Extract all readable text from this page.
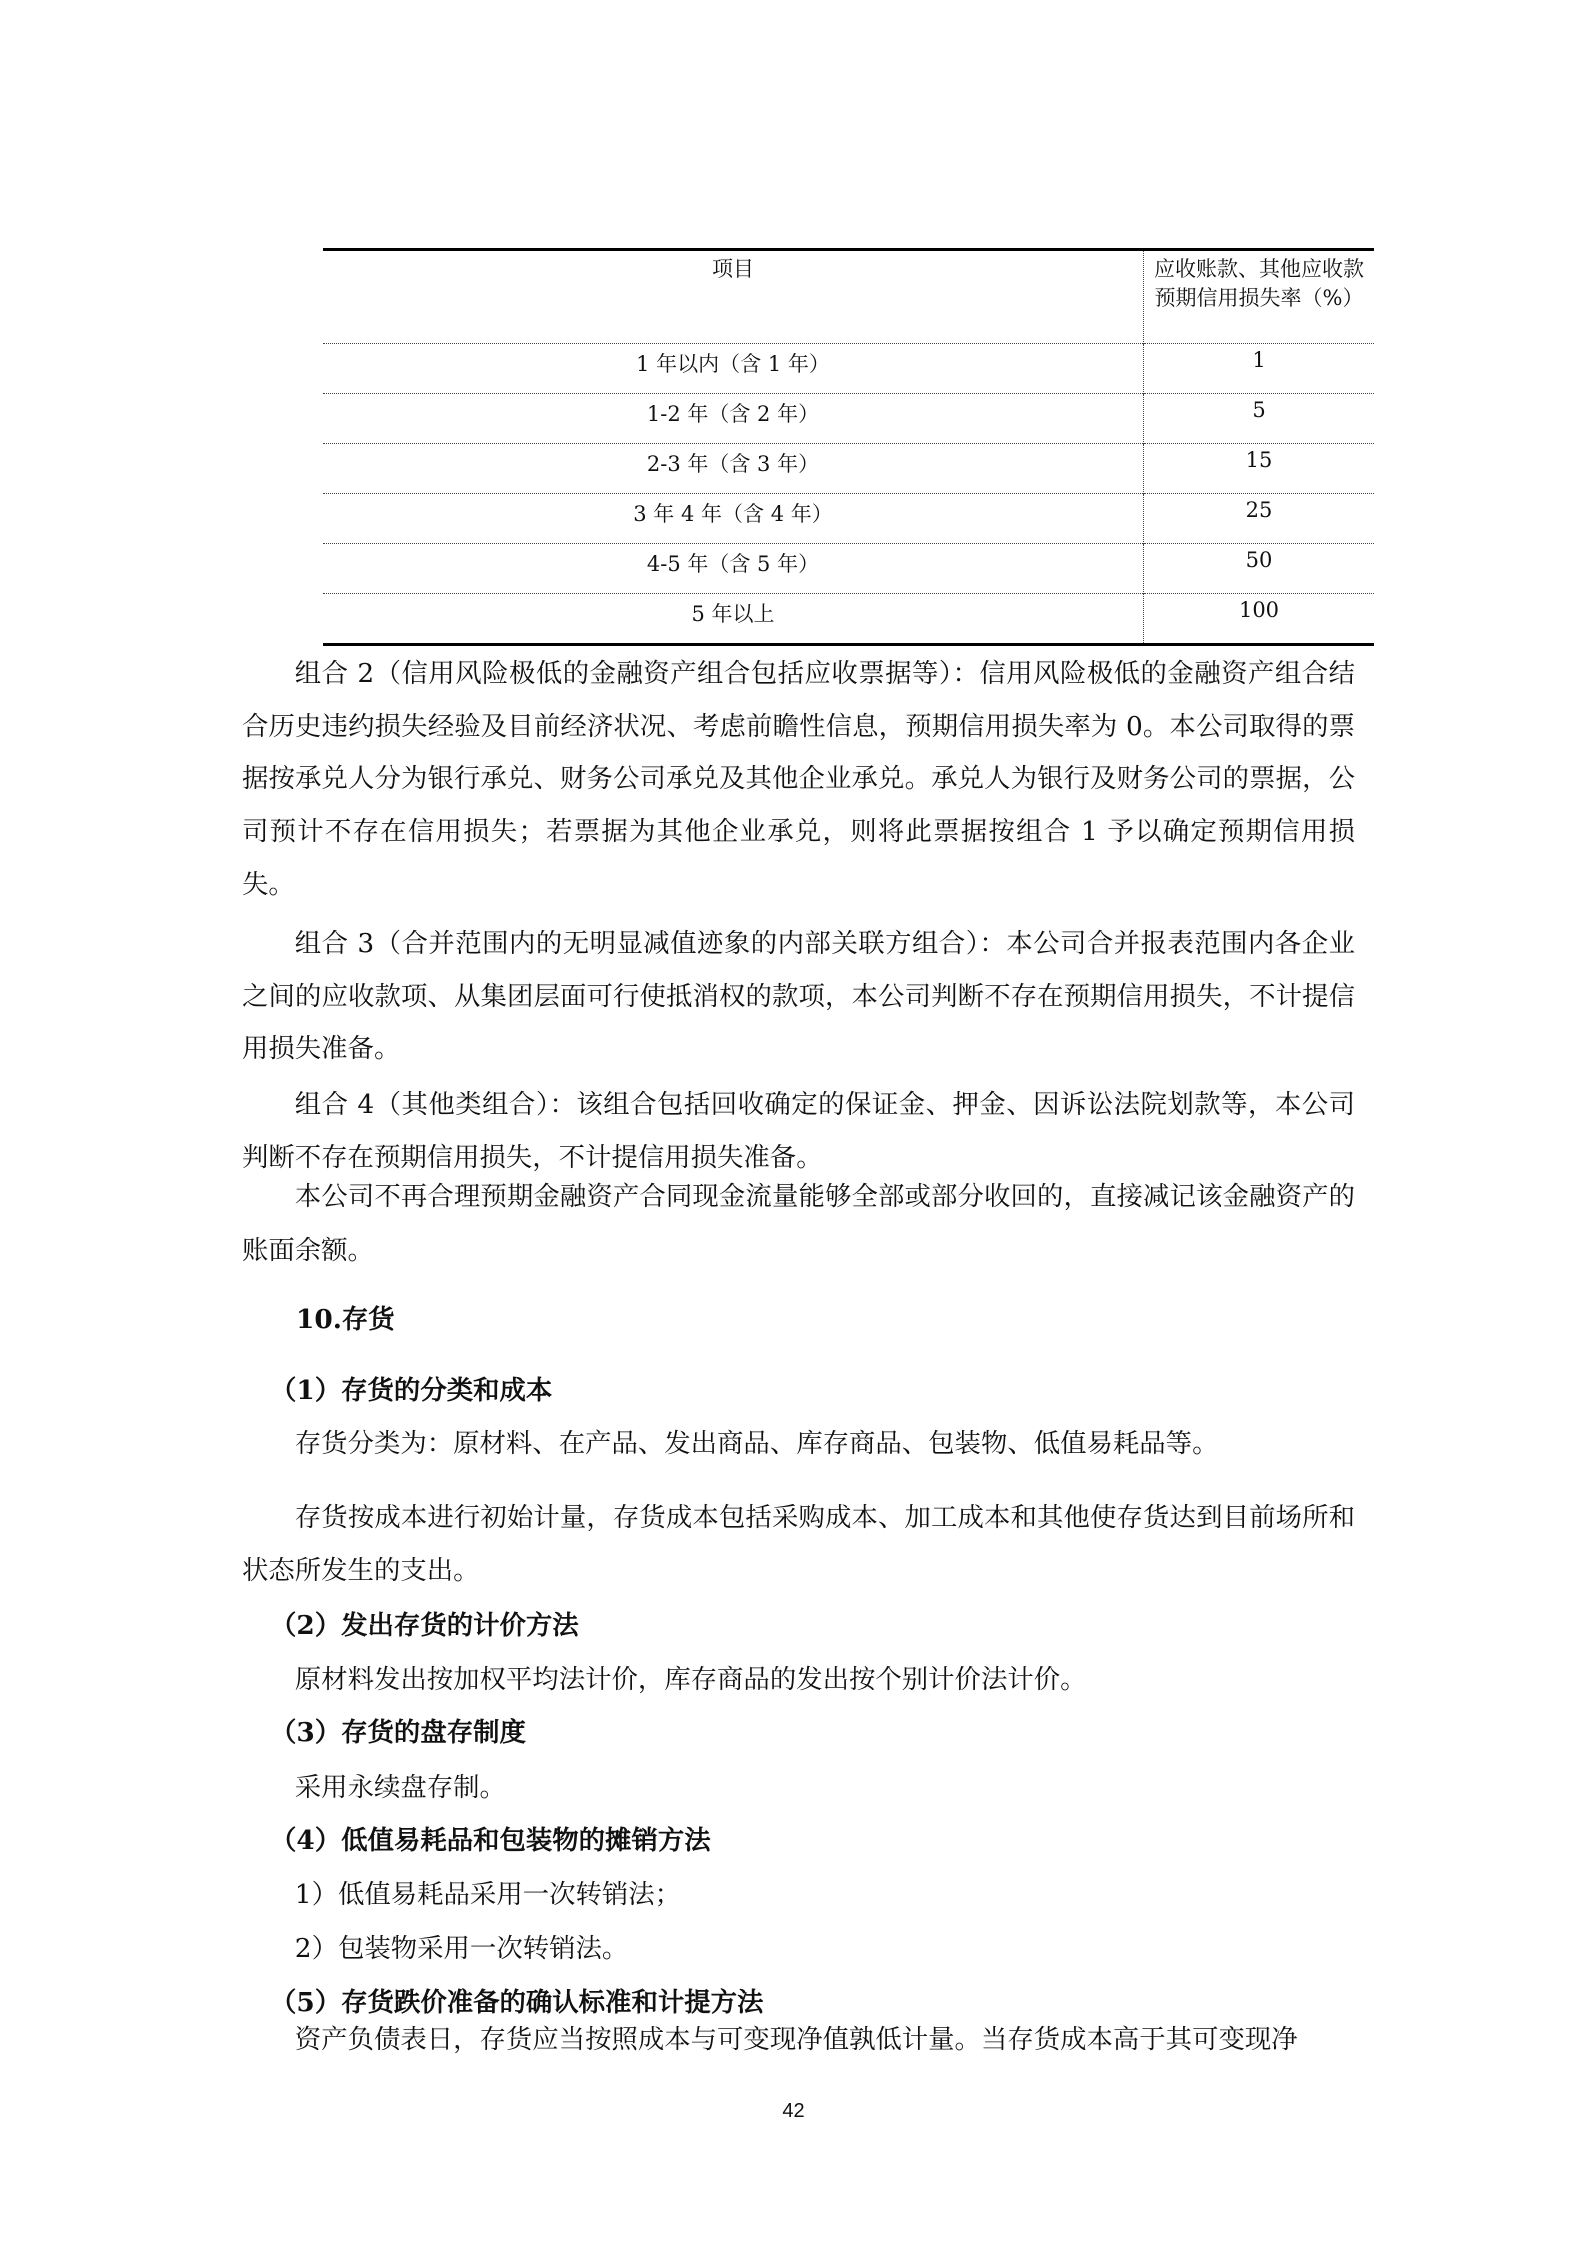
项目	应收账款、其他应收款预期信用损失率（%）
1 年以内（含 1 年）	1
1-2 年（含 2 年）	5
2-3 年（含 3 年）	15
3 年 4 年（含 4 年）	25
4-5 年（含 5 年）	50
5 年以上	100
组合 2（信用风险极低的金融资产组合包括应收票据等）：信用风险极低的金融资产组合结合历史违约损失经验及目前经济状况、考虑前瞻性信息，预期信用损失率为 0。本公司取得的票据按承兑人分为银行承兑、财务公司承兑及其他企业承兑。承兑人为银行及财务公司的票据，公司预计不存在信用损失；若票据为其他企业承兑，则将此票据按组合 1 予以确定预期信用损失。
组合 3（合并范围内的无明显减值迹象的内部关联方组合）：本公司合并报表范围内各企业之间的应收款项、从集团层面可行使抵消权的款项，本公司判断不存在预期信用损失，不计提信用损失准备。
组合 4（其他类组合）：该组合包括回收确定的保证金、押金、因诉讼法院划款等，本公司判断不存在预期信用损失，不计提信用损失准备。
本公司不再合理预期金融资产合同现金流量能够全部或部分收回的，直接减记该金融资产的账面余额。
10.存货
（1）存货的分类和成本
存货分类为：原材料、在产品、发出商品、库存商品、包装物、低值易耗品等。
存货按成本进行初始计量，存货成本包括采购成本、加工成本和其他使存货达到目前场所和状态所发生的支出。
（2）发出存货的计价方法
原材料发出按加权平均法计价，库存商品的发出按个别计价法计价。
（3）存货的盘存制度
采用永续盘存制。
（4）低值易耗品和包装物的摊销方法
1）低值易耗品采用一次转销法；
2）包装物采用一次转销法。
（5）存货跌价准备的确认标准和计提方法
资产负债表日，存货应当按照成本与可变现净值孰低计量。当存货成本高于其可变现净
42
